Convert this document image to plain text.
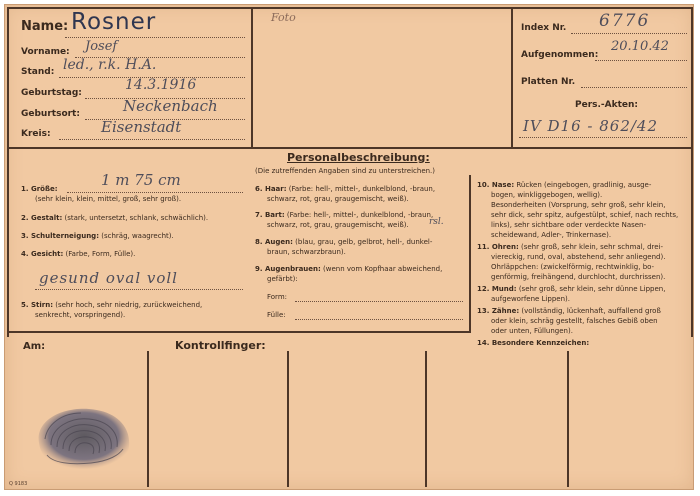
Name: Rosner
Vorname: Josef
Stand: led., r.k. H.A.
Geburtstag:	14.3.1916
Geburtsort:	Neckenbach
Kreis:	Eisenstadt
Foto
Index Nr. 6776
Aufgenommen:
20.10.42
Platten Nr.
Pers.-Akten:
IV D16 - 862/42
Personalbeschreibung:
(Die zutreffenden Angaben sind zu unterstreichen.)
1. Größe:	1 m 75 cm
(sehr klein, klein, mittel, groß, sehr groß).
2. Gestalt: (stark, untersetzt, schlank, schwächlich).
3. Schulterneigung: (schräg, waagrecht).
4. Gesicht: (Farbe, Form, Fülle).
gesund oval voll
5. Stirn: (sehr hoch, sehr niedrig, zurückweichend,
senkrecht, vorspringend).
6. Haar: (Farbe: hell-, mittel-, dunkelblond, -braun,
schwarz, rot, grau, graugemischt, weiß).
7. Bart: (Farbe: hell-, mittel-, dunkelblond, -braun,
schwarz, rot, grau, graugemischt, weiß). rsl.
8. Augen: (blau, grau, gelb, gelbrot, hell-, dunkel-
braun, schwarzbraun).
9. Augenbrauen: (wenn vom Kopfhaar abweichend,
gefärbt):
Form:
Fülle:
10. Nase: Rücken (eingebogen, gradlinig, ausge-
bogen, winkliggebogen, wellig).
Besonderheiten (Vorsprung, sehr groß, sehr klein,
sehr dick, sehr spitz, aufgestülpt, schief, nach rechts,
links), sehr sichtbare oder verdeckte Nasen-
scheidewand, Adler-, Trinkernase).
11. Ohren: (sehr groß, sehr klein, sehr schmal, drei-
viereckig, rund, oval, abstehend, sehr anliegend).
Ohrläppchen: (zwickelförmig, rechtwinklig, bo-
genförmig, freihängend, durchlocht, durchrissen).
12. Mund: (sehr groß, sehr klein, sehr dünne Lippen,
aufgeworfene Lippen).
13. Zähne: (vollständig, lückenhaft, auffallend groß
oder klein, schräg gestellt, falsches Gebiß oben
oder unten, Füllungen).
14. Besondere Kennzeichen:
Am:	Kontrollfinger:
Q 9183
